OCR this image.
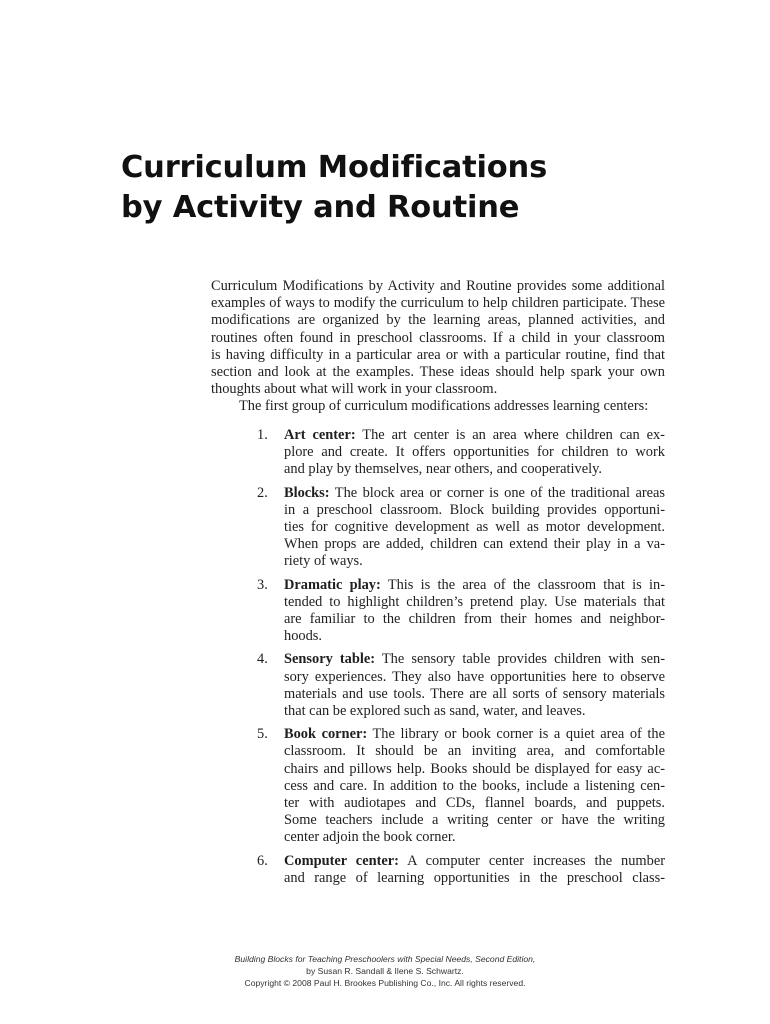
Curriculum Modifications
by Activity and Routine
Curriculum Modifications by Activity and Routine provides some additional
examples of ways to modify the curriculum to help children participate. These
modifications are organized by the learning areas, planned activities, and
routines often found in preschool classrooms. If a child in your classroom
is having difficulty in a particular area or with a particular routine, find that
section and look at the examples. These ideas should help spark your own
thoughts about what will work in your classroom.
The first group of curriculum modifications addresses learning centers:
1. Art center: The art center is an area where children can ex-
plore and create. It offers opportunities for children to work
and play by themselves, near others, and cooperatively.
2. Blocks: The block area or corner is one of the traditional areas
in a preschool classroom. Block building provides opportuni-
ties for cognitive development as well as motor development.
When props are added, children can extend their play in a va-
riety of ways.
3. Dramatic play: This is the area of the classroom that is in-
tended to highlight children’s pretend play. Use materials that
are familiar to the children from their homes and neighbor-
hoods.
4. Sensory table: The sensory table provides children with sen-
sory experiences. They also have opportunities here to observe
materials and use tools. There are all sorts of sensory materials
that can be explored such as sand, water, and leaves.
5. Book corner: The library or book corner is a quiet area of the
classroom. It should be an inviting area, and comfortable
chairs and pillows help. Books should be displayed for easy ac-
cess and care. In addition to the books, include a listening cen-
ter with audiotapes and CDs, flannel boards, and puppets.
Some teachers include a writing center or have the writing
center adjoin the book corner.
6. Computer center: A computer center increases the number
and range of learning opportunities in the preschool class-
Building Blocks for Teaching Preschoolers with Special Needs, Second Edition,
by Susan R. Sandall & Ilene S. Schwartz.
Copyright © 2008 Paul H. Brookes Publishing Co., Inc. All rights reserved.
